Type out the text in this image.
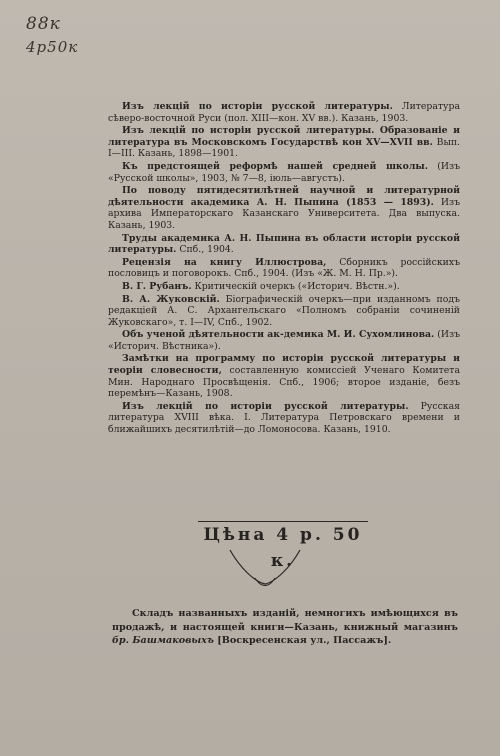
88к
4р50к

Изъ лекцій по исторіи русской литературы. Литература сѣверо-восточной Руси (пол. XIII—кон. XV вв.). Казань, 1903.

Изъ лекцій по исторіи русской литературы. Образованіе и литература въ Московскомъ Государствѣ кон XV—XVII вв. Вып. I—III. Казань, 1898—1901.

Къ предстоящей реформѣ нашей средней школы. (Изъ «Русской школы», 1903, № 7—8, іюль—августъ).

По поводу пятидесятилѣтней научной и литературной дѣятельности академика А. Н. Пыпина (1853 — 1893). Изъ архива Императорскаго Казанскаго Университета. Два выпуска. Казань, 1903.

Труды академика А. Н. Пыпина въ области исторіи русской литературы. Спб., 1904.

Рецензія на книгу Иллюстрова, Сборникъ россійскихъ пословицъ и поговорокъ. Спб., 1904. (Изъ «Ж. М. Н. Пр.»).

В. Г. Рубанъ. Критическій очеркъ («Историч. Вѣстн.»).

В. А. Жуковскій. Біографическій очеркъ—при изданномъ подъ редакціей А. С. Архангельскаго «Полномъ собраніи сочиненій Жуковскаго», т. I—IV, Спб., 1902.

Объ ученой дѣятельности ак-демика М. И. Сухомлинова. (Изъ «Историч. Вѣстника»).

Замѣтки на программу по исторіи русской литературы и теоріи словесности, составленную комиссіей Ученаго Комитета Мин. Народнаго Просвѣщенія. Спб., 1906; второе изданіе, безъ перемѣнъ—Казань, 1908.

Изъ лекцій по исторіи русской литературы. Русская литература XVIII вѣка. I. Литература Петровскаго времени и ближайшихъ десятилѣтій—до Ломоносова. Казань, 1910.

Цѣна 4 р. 50 к.
Складъ названныхъ изданій, немногихъ имѣющихся въ продажѣ, и настоящей книги—Казань, книжный магазинъ бр. Башмаковыхъ [Воскресенская ул., Пассажъ].
